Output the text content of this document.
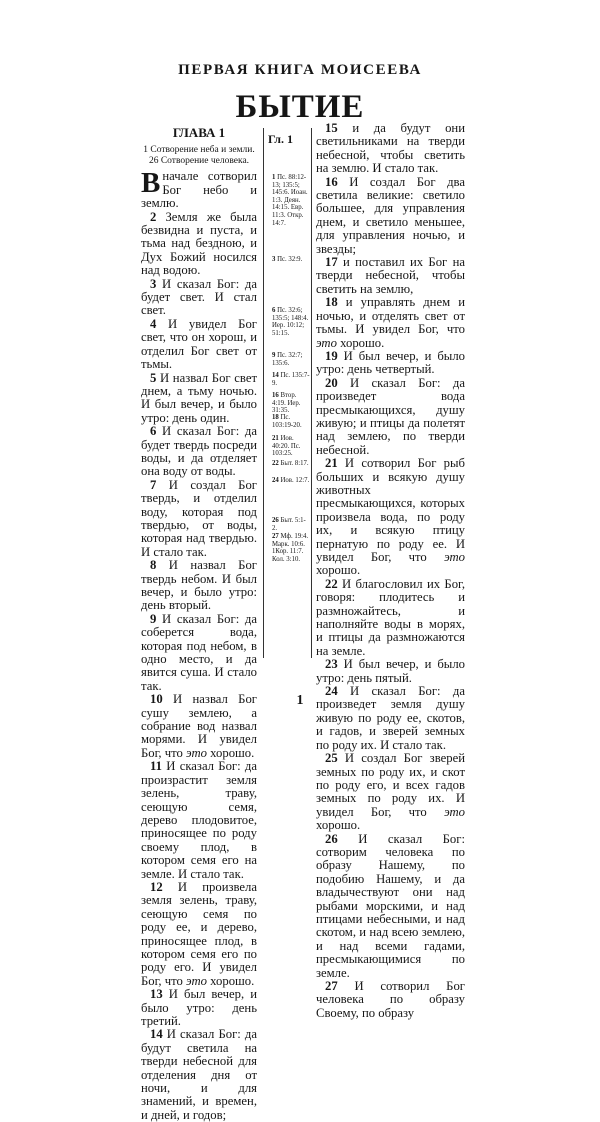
ПЕРВАЯ КНИГА МОИСЕЕВА
БЫТИЕ
ГЛАВА 1
1 Сотворение неба и земли. 26 Сотворение человека.

Вначале сотворил Бог небо и землю.

2 Земля же была безвидна и пуста, и тьма над бездною, и Дух Божий носился над водою.

3 И сказал Бог: да будет свет. И стал свет.

4 И увидел Бог свет, что он хорош, и отделил Бог свет от тьмы.

5 И назвал Бог свет днем, а тьму ночью. И был вечер, и было утро: день один.

6 И сказал Бог: да будет твердь посреди воды, и да отделяет она воду от воды.

7 И создал Бог твердь, и отделил воду, которая под твердью, от воды, которая над твердью. И стало так.

8 И назвал Бог твердь небом. И был вечер, и было утро: день вторый.

9 И сказал Бог: да соберется вода, которая под небом, в одно место, и да явится суша. И стало так.

10 И назвал Бог сушу землею, а собрание вод назвал морями. И увидел Бог, что это хорошо.

11 И сказал Бог: да произрастит земля зелень, траву, сеющую семя, дерево плодовитое, приносящее по роду своему плод, в котором семя его на земле. И стало так.

12 И произвела земля зелень, траву, сеющую семя по роду ее, и дерево, приносящее плод, в котором семя его по роду его. И увидел Бог, что это хорошо.

13 И был вечер, и было утро: день третий.

14 И сказал Бог: да будут светила на тверди небесной для отделения дня от ночи, и для знамений, и времен, и дней, и годов;

Гл. 1
1 Пс. 88:12-13; 135:5; 145:6. Иоан. 1:3. Деян. 14:15. Евр. 11:3. Откр. 14:7.
3 Пс. 32:9.
6 Пс. 32:6; 135:5; 148:4. Иер. 10:12; 51:15.
9 Пс. 32:7; 135:6.
14 Пс. 135:7-9.
16 Втор. 4:19. Иер. 31:35.
18 Пс. 103:19-20.
21 Иов. 40:20. Пс. 103:25.
22 Быт. 8:17.
24 Иов. 12:7.
26 Быт. 5:1-2.
27 Мф. 19:4. Марк. 10:6. 1Кор. 11:7. Кол. 3:10.

15 и да будут они светильниками на тверди небесной, чтобы светить на землю. И стало так.

16 И создал Бог два светила великие: светило большее, для управления днем, и светило меньшее, для управления ночью, и звезды;

17 и поставил их Бог на тверди небесной, чтобы светить на землю,

18 и управлять днем и ночью, и отделять свет от тьмы. И увидел Бог, что это хорошо.

19 И был вечер, и было утро: день четвертый.

20 И сказал Бог: да произведет вода пресмыкающихся, душу живую; и птицы да полетят над землею, по тверди небесной.

21 И сотворил Бог рыб больших и всякую душу животных пресмыкающихся, которых произвела вода, по роду их, и всякую птицу пернатую по роду ее. И увидел Бог, что это хорошо.

22 И благословил их Бог, говоря: плодитесь и размножайтесь, и наполняйте воды в морях, и птицы да размножаются на земле.

23 И был вечер, и было утро: день пятый.

24 И сказал Бог: да произведет земля душу живую по роду ее, скотов, и гадов, и зверей земных по роду их. И стало так.

25 И создал Бог зверей земных по роду их, и скот по роду его, и всех гадов земных по роду их. И увидел Бог, что это хорошо.

26 И сказал Бог: сотворим человека по образу Нашему, по подобию Нашему, и да владычествуют они над рыбами морскими, и над птицами небесными, и над скотом, и над всею землею, и над всеми гадами, пресмыкающимися по земле.

27 И сотворил Бог человека по образу Своему, по образу

1
